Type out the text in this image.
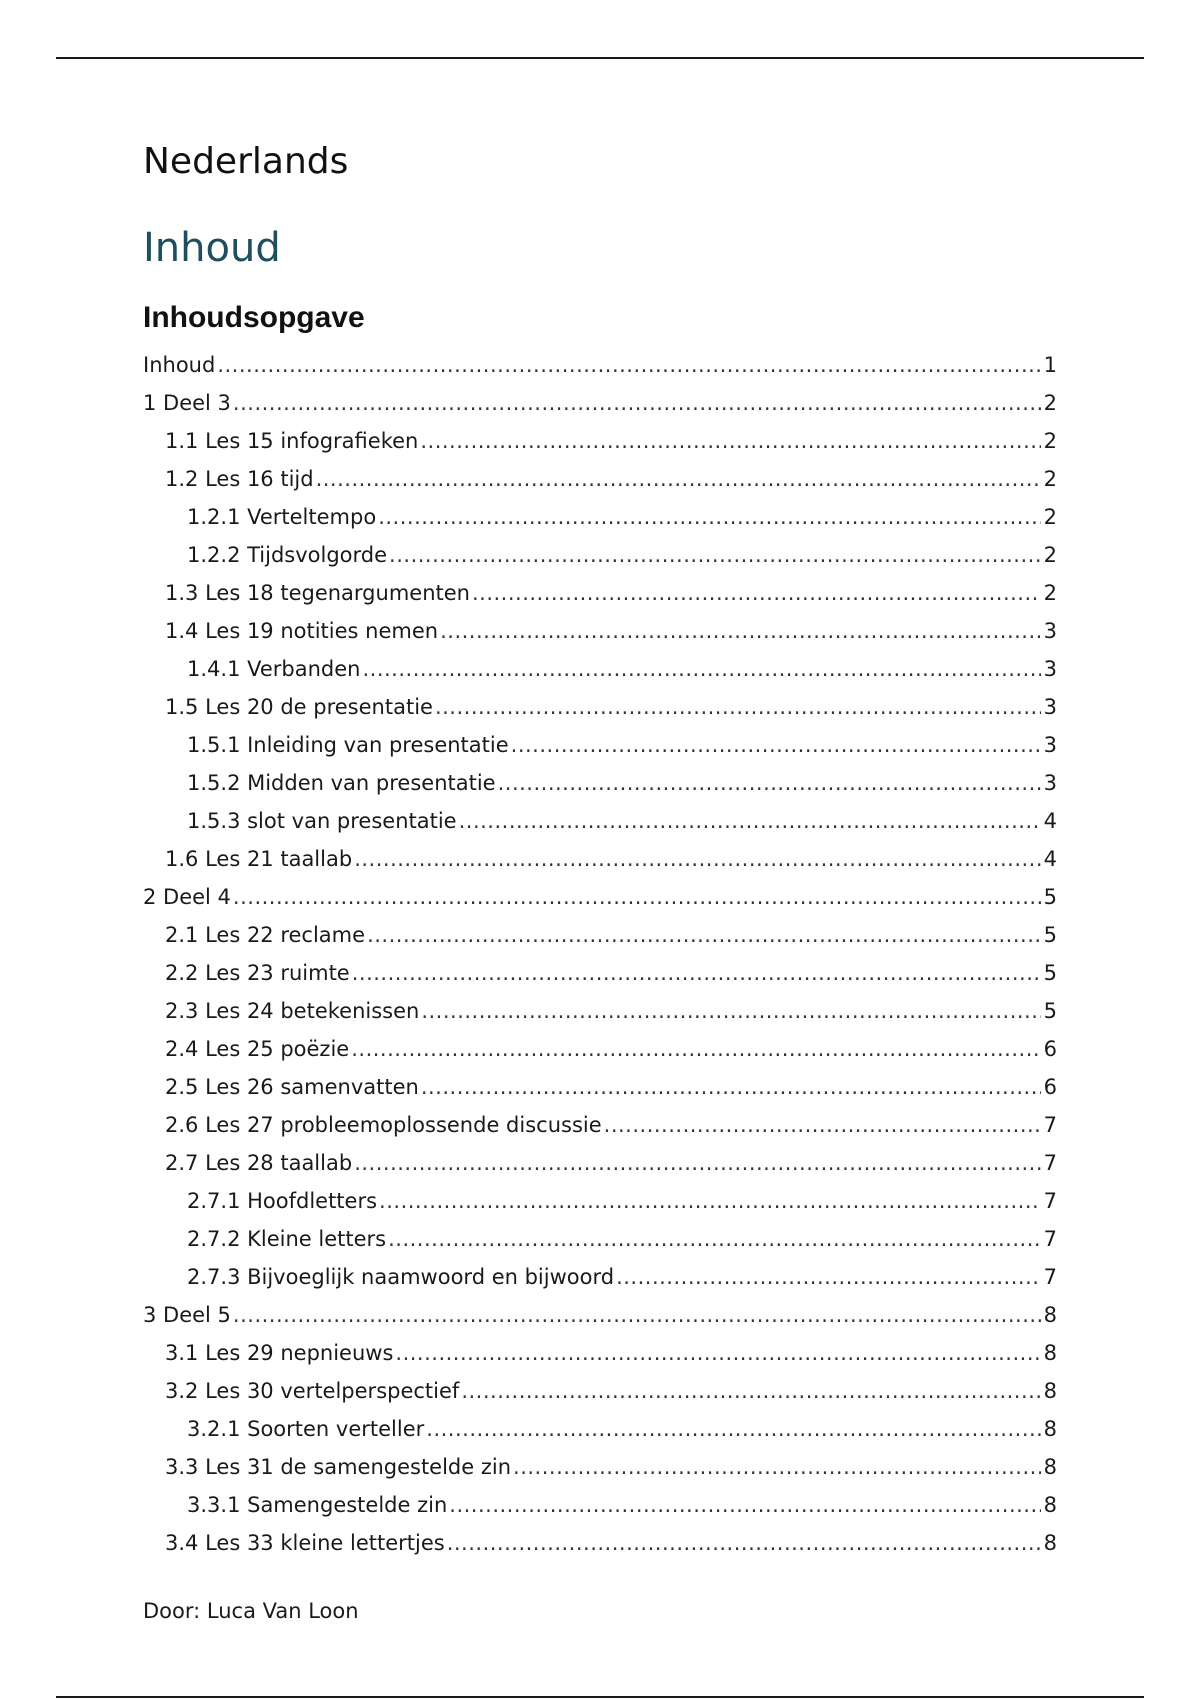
Nederlands
Inhoud
Inhoudsopgave
Inhoud .....	1
1 Deel 3 .....	2
1.1 Les 15 infografieken .....	2
1.2 Les 16 tijd .....	2
1.2.1 Verteltempo .....	2
1.2.2 Tijdsvolgorde .....	2
1.3 Les 18 tegenargumenten .....	2
1.4 Les 19 notities nemen .....	3
1.4.1 Verbanden .....	3
1.5 Les 20 de presentatie .....	3
1.5.1 Inleiding van presentatie .....	3
1.5.2 Midden van presentatie .....	3
1.5.3 slot van presentatie .....	4
1.6 Les 21 taallab .....	4
2 Deel 4 .....	5
2.1 Les 22 reclame .....	5
2.2 Les 23 ruimte .....	5
2.3 Les 24 betekenissen .....	5
2.4 Les 25 poëzie .....	6
2.5 Les 26 samenvatten .....	6
2.6 Les 27 probleemoplossende discussie .....	7
2.7 Les 28 taallab .....	7
2.7.1 Hoofdletters .....	7
2.7.2 Kleine letters .....	7
2.7.3 Bijvoeglijk naamwoord en bijwoord .....	7
3 Deel 5 .....	8
3.1 Les 29 nepnieuws .....	8
3.2 Les 30 vertelperspectief .....	8
3.2.1 Soorten verteller .....	8
3.3 Les 31 de samengestelde zin .....	8
3.3.1 Samengestelde zin .....	8
3.4 Les 33 kleine lettertjes .....	8

Door: Luca Van Loon
